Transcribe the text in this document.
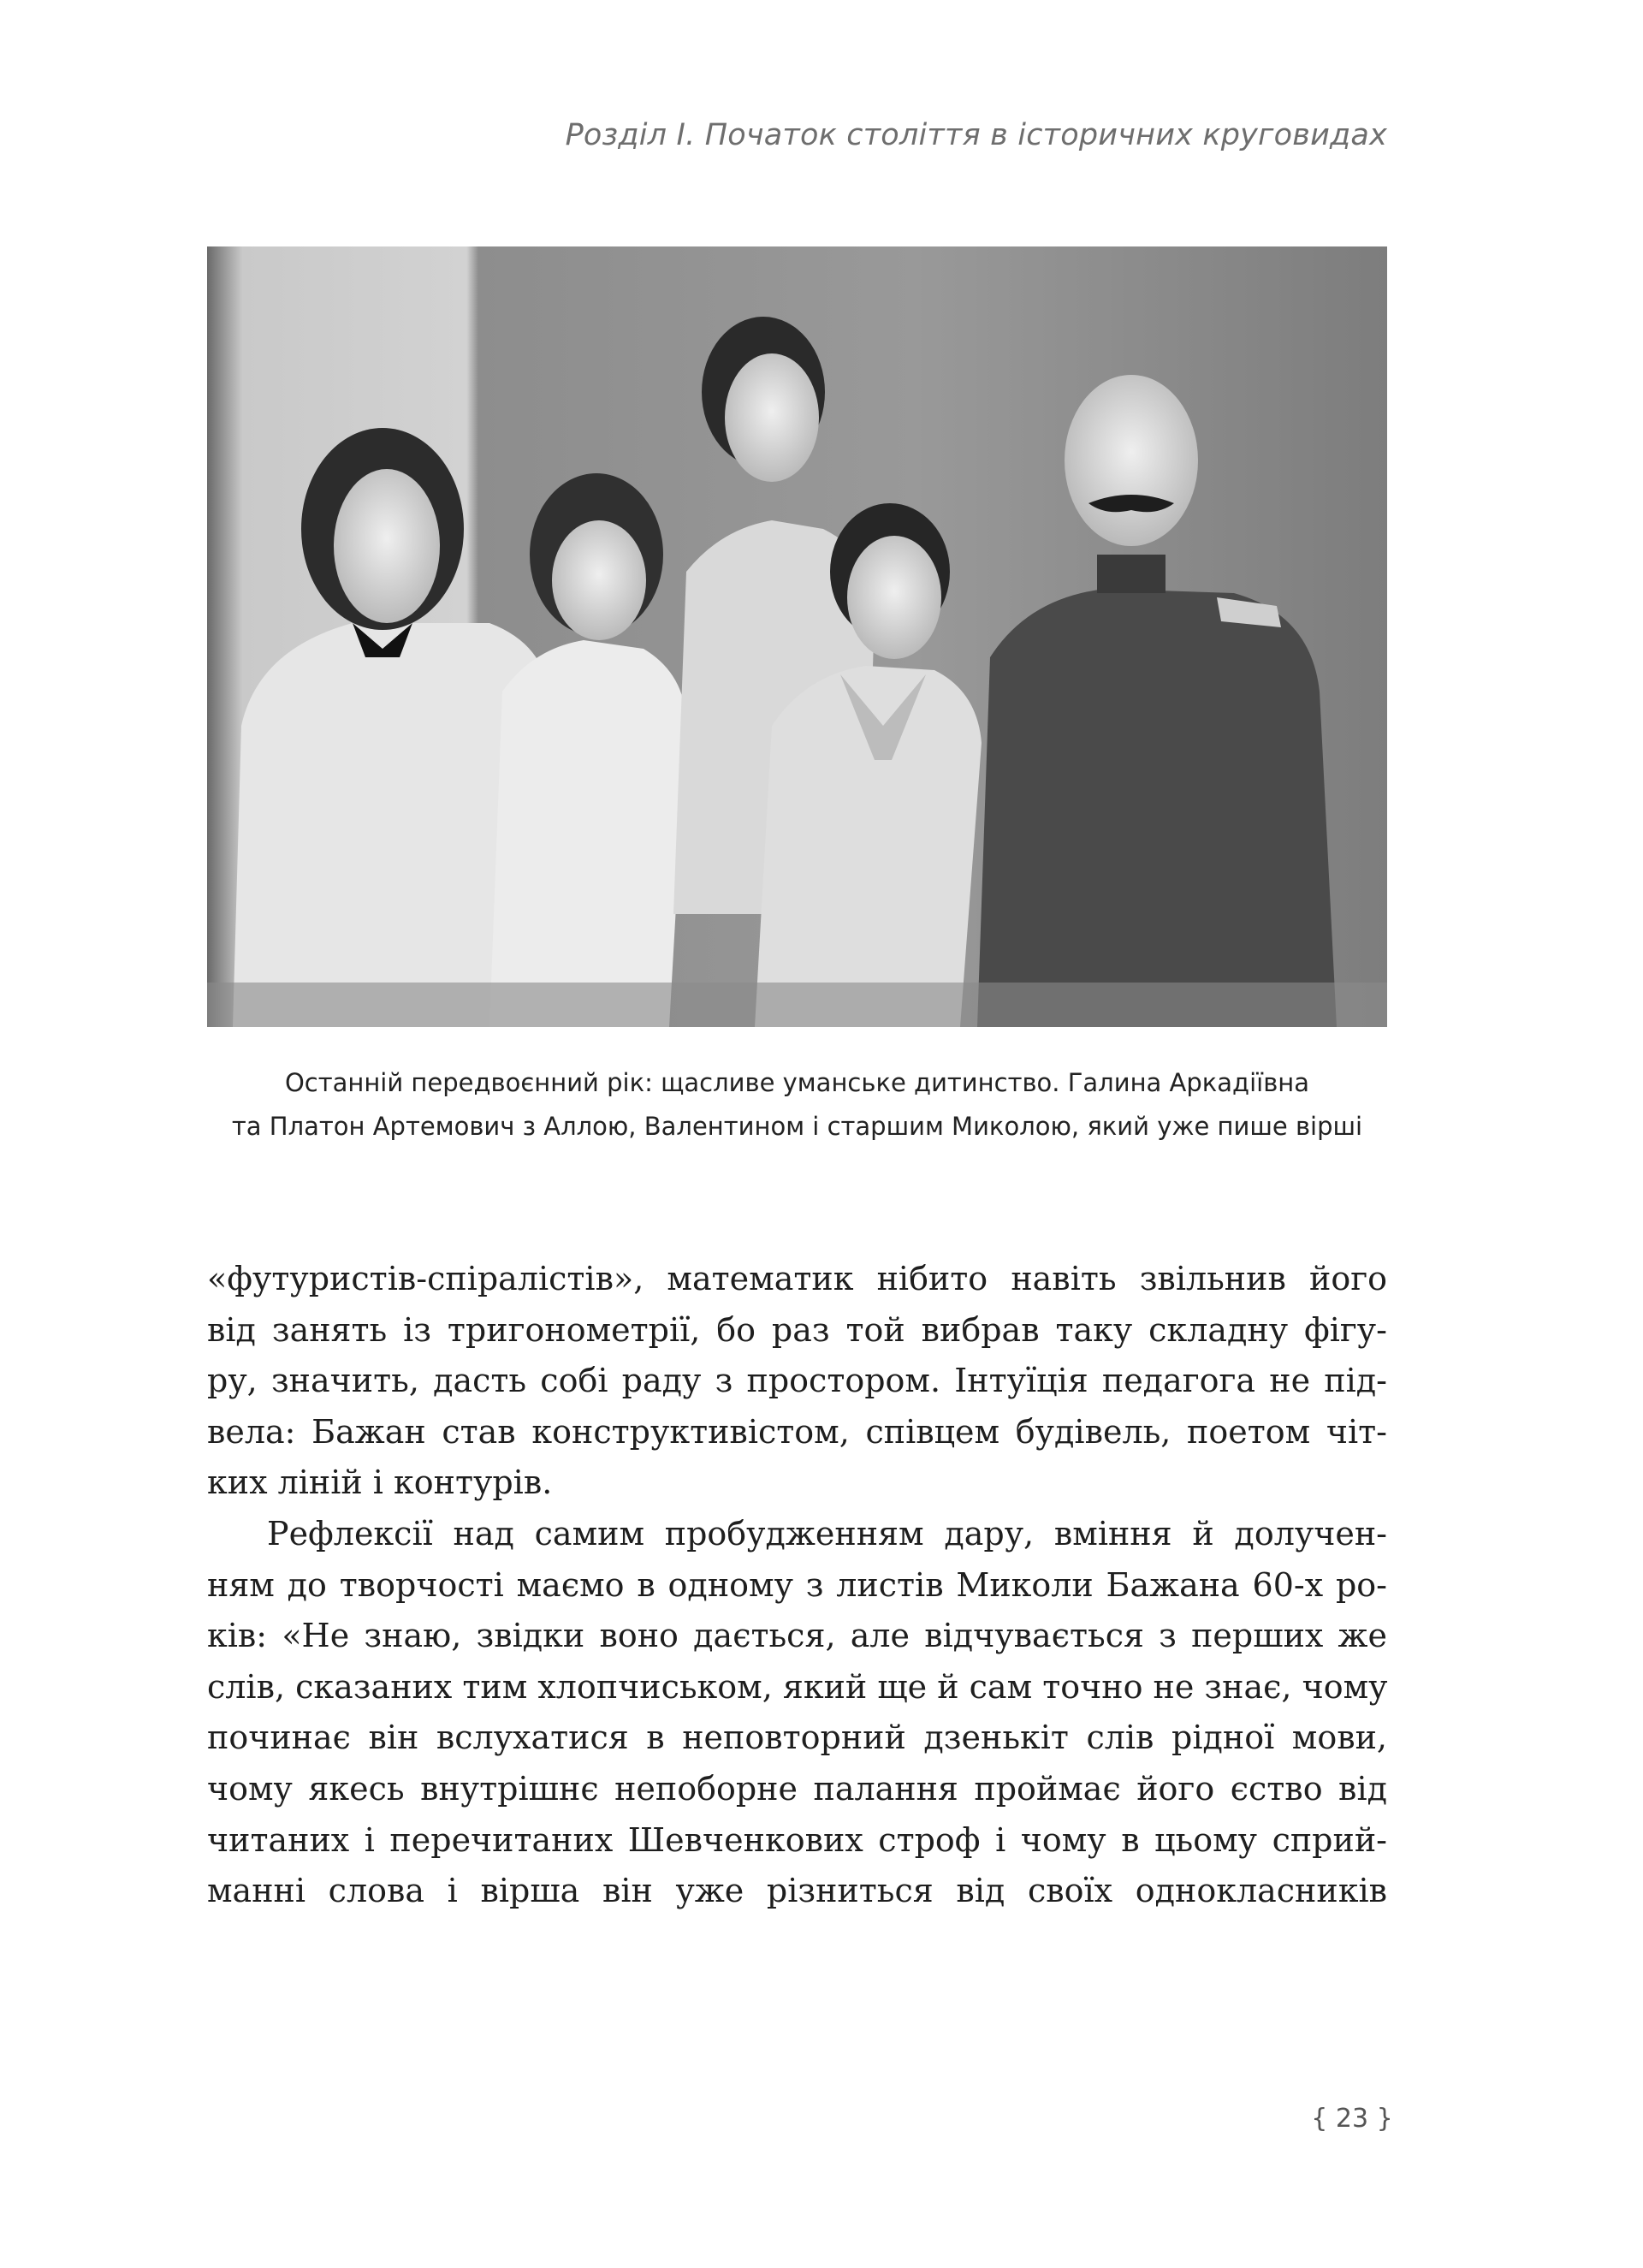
Розділ I. Початок століття в історичних круговидах
Останній передвоєнний рік: щасливе уманське дитинство. Галина Аркадіївна
та Платон Артемович з Аллою, Валентином і старшим Миколою, який уже пише вірші
«футуристів-спіралістів», математик нібито навіть звільнив його
від занять із тригонометрії, бо раз той вибрав таку складну фігу-
ру, значить, дасть собі раду з простором. Інтуїція педагога не під-
вела: Бажан став конструктивістом, співцем будівель, поетом чіт-
ких ліній і контурів.
Рефлексії над самим пробудженням дару, вміння й долучен-
ням до творчості маємо в одному з листів Миколи Бажана 60-х ро-
ків: «Не знаю, звідки воно дається, але відчувається з перших же
слів, сказаних тим хлопчиськом, який ще й сам точно не знає, чому
починає він вслухатися в неповторний дзенькіт слів рідної мови,
чому якесь внутрішнє непоборне палання проймає його єство від
читаних і перечитаних Шевченкових строф і чому в цьому сприй-
манні слова і вірша він уже різниться від своїх однокласників
{ 23 }
